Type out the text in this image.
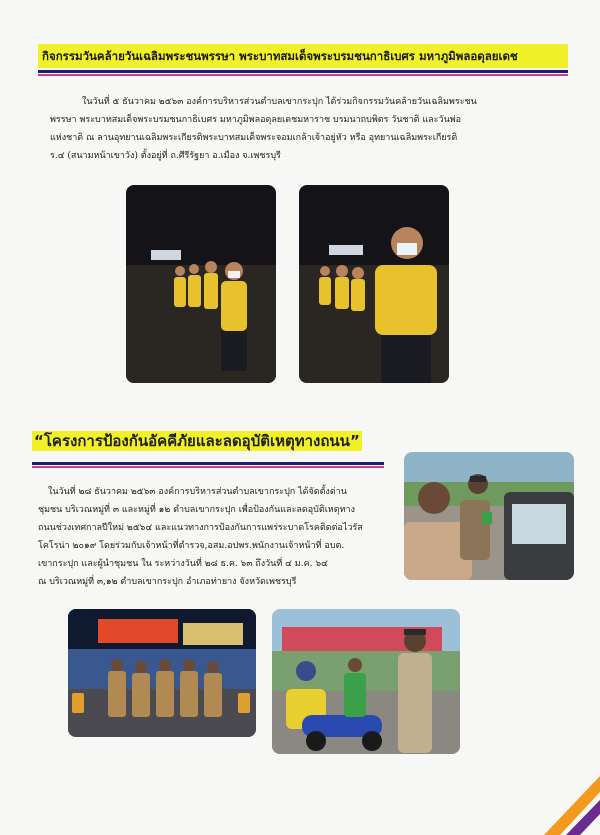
กิจกรรมวันคล้ายวันเฉลิมพระชนพรรษา พระบาทสมเด็จพระบรมชนกาธิเบศร มหาภูมิพลอดุลยเดช

ในวันที่ ๕ ธันวาคม ๒๕๖๓ องค์การบริหารส่วนตำบลเขากระปุก ได้ร่วมกิจกรรมวันคล้ายวันเฉลิมพระชน

พรรษา พระบาทสมเด็จพระบรมชนกาธิเบศร มหาภูมิพลอดุลยเดชมหาราช บรมนาถบพิตร วันชาติ และวันพ่อ

แห่งชาติ ณ ลานอุทยานเฉลิมพระเกียรติพระบาทสมเด็จพระจอมเกล้าเจ้าอยู่หัว หรือ อุทยานเฉลิมพระเกียรติ

ร.๔ (สนามหน้าเขาวัง) ตั้งอยู่ที่ ถ.ศีรีรัฐยา อ.เมือง จ.เพชรบุรี

“โครงการป้องกันอัคคีภัยและลดอุบัติเหตุทางถนน”

ในวันที่ ๒๘ ธันวาคม ๒๕๖๓ องค์การบริหารส่วนตำบลเขากระปุก ได้จัดตั้งด่าน

ชุมชน บริเวณหมู่ที่ ๓ และหมู่ที่ ๑๒ ตำบลเขากระปุก เพื่อป้องกันและลดอุบัติเหตุทาง

ถนนช่วงเทศกาลปีใหม่ ๒๕๖๔ และแนวทางการป้องกันการแพร่ระบาดโรคติดต่อไวรัส

โคโรน่า ๒๐๑๙ โดยร่วมกับเจ้าหน้าที่ตำรวจ,อสม.อปพร.พนักงานเจ้าหน้าที่ อบต.

เขากระปุก และผู้นำชุมชน ใน ระหว่างวันที่ ๒๘ ธ.ค. ๖๓ ถึงวันที่ ๔ ม.ค. ๖๔

ณ บริเวณหมู่ที่ ๓,๑๒ ตำบลเขากระปุก อำเภอท่ายาง จังหวัดเพชรบุรี
